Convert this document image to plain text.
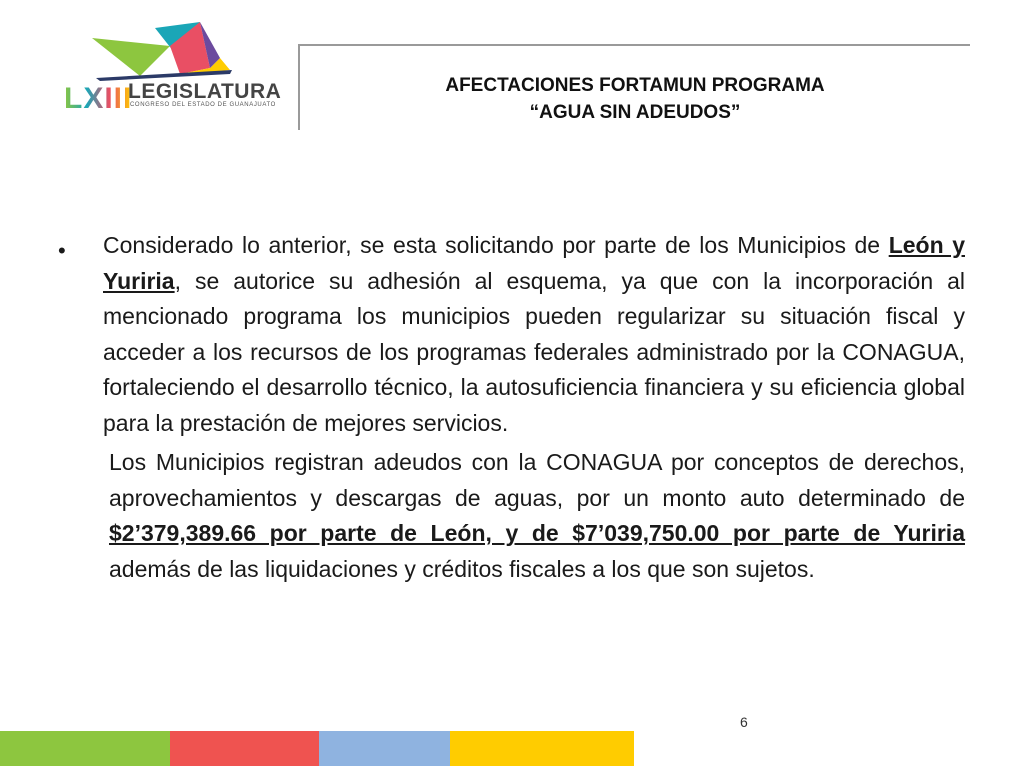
LXIII
LEGISLATURA
CONGRESO DEL ESTADO DE GUANAJUATO
AFECTACIONES FORTAMUN PROGRAMA
“AGUA SIN ADEUDOS”
• Considerado lo anterior, se esta solicitando por parte de los Municipios de León y Yuriria, se autorice su adhesión al esquema, ya que con la incorporación al mencionado programa los municipios pueden regularizar su situación fiscal y acceder a los recursos de los programas federales administrado por la CONAGUA, fortaleciendo el desarrollo técnico, la autosuficiencia financiera y su eficiencia global para la prestación de mejores servicios.

Los Municipios registran adeudos con la CONAGUA por conceptos de derechos, aprovechamientos y descargas de aguas, por un monto auto determinado de $2’379,389.66 por parte de León, y de $7’039,750.00 por parte de Yuriria además de las liquidaciones y créditos fiscales a los que son sujetos.

6
